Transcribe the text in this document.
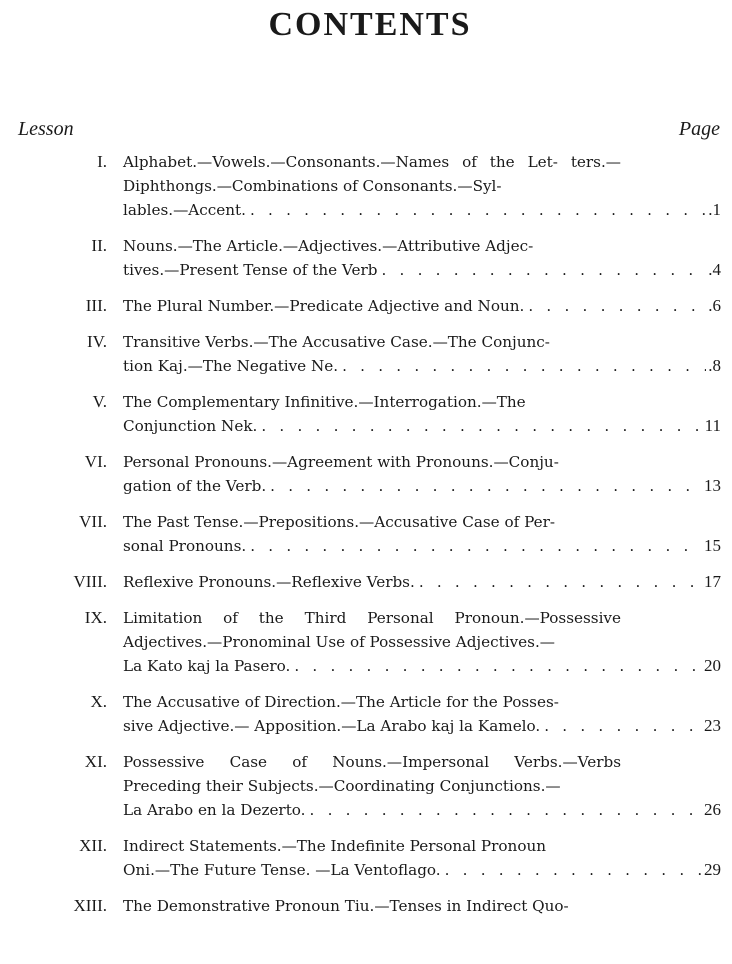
CONTENTS
Lesson	Page
I. Alphabet.—Vowels.—Consonants.—Names of the Let- ters.—Diphthongs.—Combinations of Consonants.—Syl-
lables.—Accent. . . .	.1
II. Nouns.—The Article.—Adjectives.—Attributive Adjec-
tives.—Present Tense of the Verb . . .	.4
III. The Plural Number.—Predicate Adjective and Noun. . . .	.6
IV. Transitive Verbs.—The Accusative Case.—The Conjunc-
tion Kaj.—The Negative Ne. . . .	.8
V. The Complementary Infinitive.—Interrogation.—The
Conjunction Nek. . . .	11
VI. Personal Pronouns.—Agreement with Pronouns.—Conju-
gation of the Verb. . . .	13
VII. The Past Tense.—Prepositions.—Accusative Case of Per-
sonal Pronouns. . . .	15
VIII. Reflexive Pronouns.—Reflexive Verbs. . . .	17
IX. Limitation of the Third Personal Pronoun.—Possessive Adjectives.—Pronominal Use of Possessive Adjectives.—
La Kato kaj la Pasero. . . .	20
X. The Accusative of Direction.—The Article for the Posses-
sive Adjective.— Apposition.—La Arabo kaj la Kamelo. . . .	23
XI. Possessive Case of Nouns.—Impersonal Verbs.—Verbs Preceding their Subjects.—Coordinating Conjunctions.—
La Arabo en la Dezerto. . . .	26
XII. Indirect Statements.—The Indefinite Personal Pronoun
Oni.—The Future Tense. —La Ventoflago. . . .	29
XIII. The Demonstrative Pronoun Tiu.—Tenses in Indirect Quo-
